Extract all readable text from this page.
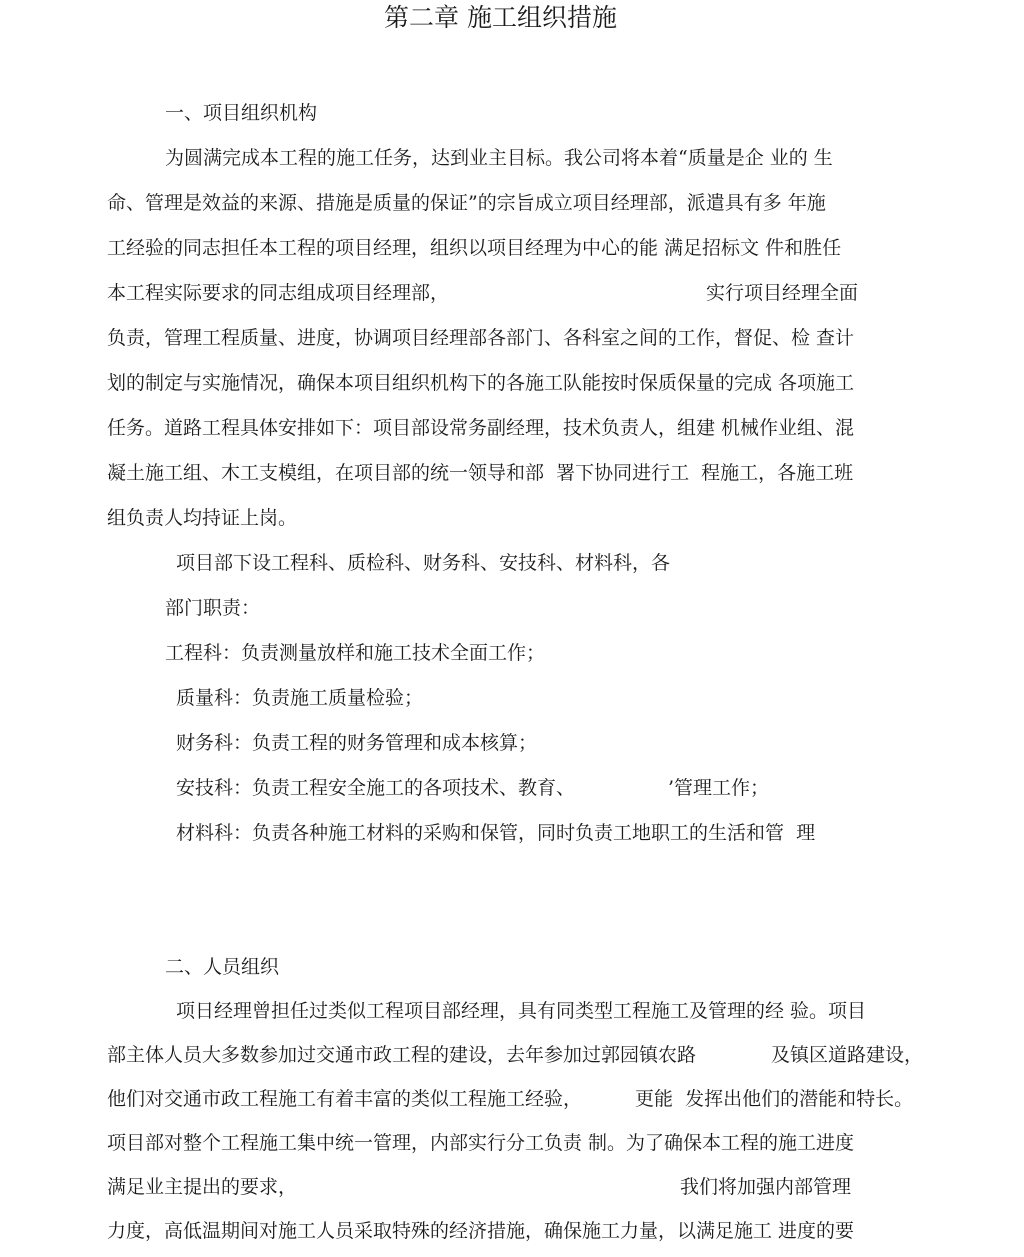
第二章 施工组织措施
一、项目组织机构
为圆满完成本工程的施工任务，达到业主目标。我公司将本着“质量是企 业的 生
命、管理是效益的来源、措施是质量的保证”的宗旨成立项目经理部，派遣具有多 年施
工经验的同志担任本工程的项目经理，组织以项目经理为中心的能 满足招标文 件和胜任
本工程实际要求的同志组成项目经理部，	实行项目经理全面
负责，管理工程质量、进度，协调项目经理部各部门、各科室之间的工作，督促、检 查计
划的制定与实施情况，确保本项目组织机构下的各施工队能按时保质保量的完成 各项施工
任务。道路工程具体安排如下：项目部设常务副经理，技术负责人，组建 机械作业组、混
凝土施工组、木工支模组，在项目部的统一领导和部  署下协同进行工  程施工，各施工班
组负责人均持证上岗。
项目部下设工程科、质检科、财务科、安技科、材料科，各
部门职责：
工程科：负责测量放样和施工技术全面工作；
质量科：负责施工质量检验；
财务科：负责工程的财务管理和成本核算；
安技科：负责工程安全施工的各项技术、教育、	’管理工作；
材料科：负责各种施工材料的采购和保管，同时负责工地职工的生活和管  理
二、人员组织
项日经理曾担任过类似工程项目部经理，具有同类型工程施工及管理的经 验。项目
部主体人员大多数参加过交通市政工程的建设，去年参加过郭园镇农路	及镇区道路建设，
他们对交通市政工程施工有着丰富的类似工程施工经验，	更能  发挥出他们的潜能和特长。
项目部对整个工程施工集中统一管理，内部实行分工负责 制。为了确保本工程的施工进度
满足业主提出的要求，	我们将加强内部管理
力度，高低温期间对施工人员采取特殊的经济措施，确保施工力量，以满足施工 进度的要
